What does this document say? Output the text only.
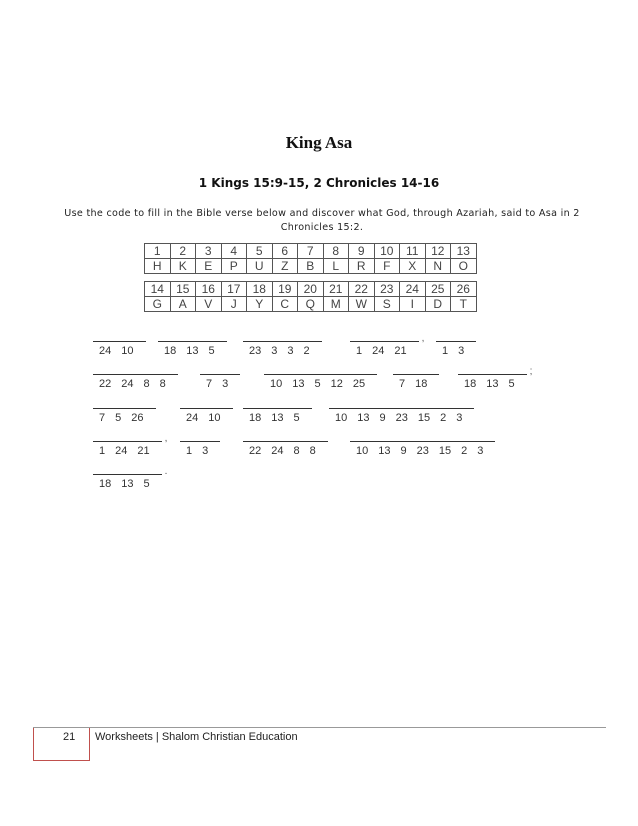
King Asa
1 Kings 15:9-15, 2 Chronicles 14-16
Use the code to fill in the Bible verse below and discover what God, through Azariah, said to Asa in 2 Chronicles 15:2.
1	2	3	4	5	6	7	8	9	10	11	12	13
H	K	E	P	U	Z	B	L	R	F	X	N	O
14	15	16	17	18	19	20	21	22	23	24	25	26
G	A	V	J	Y	C	Q	M	W	S	I	D	T
24 10	18 13 5	23 3 3 2	1 24 21	1 3
,
22 24 8 8	7 3	10 13 5 12 25	7 18	18 13 5
;
7 5 26	24 10	18 13 5	10 13 9 23 15 2 3
1 24 21	1 3	22 24 8 8	10 13 9 23 15 2 3
,
18 13 5
.
21 Worksheets | Shalom Christian Education
